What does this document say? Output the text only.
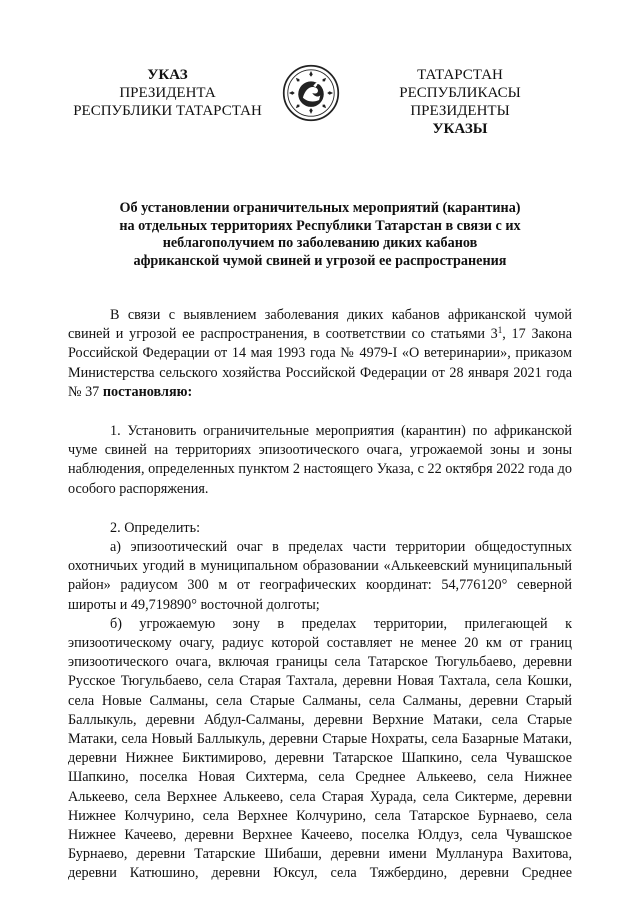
УКАЗ
ПРЕЗИДЕНТА
РЕСПУБЛИКИ ТАТАРСТАН
ТАТАРСТАН РЕСПУБЛИКАСЫ
ПРЕЗИДЕНТЫ
УКАЗЫ
Об установлении ограничительных мероприятий (карантина)
на отдельных территориях Республики Татарстан в связи с их
неблагополучием по заболеванию диких кабанов
африканской чумой свиней и угрозой ее распространения

В связи с выявлением заболевания диких кабанов африканской чумой свиней и угрозой ее распространения, в соответствии со статьями $3^1$, 17 Закона Российской Федерации от 14 мая 1993 года № 4979-I «О ветеринарии», приказом Министерства сельского хозяйства Российской Федерации от 28 января 2021 года № 37 постановляю:

1. Установить ограничительные мероприятия (карантин) по африканской чуме свиней на территориях эпизоотического очага, угрожаемой зоны и зоны наблюдения, определенных пунктом 2 настоящего Указа, с 22 октября 2022 года до особого распоряжения.

2. Определить:

а) эпизоотический очаг в пределах части территории общедоступных охотничьих угодий в муниципальном образовании «Алькеевский муниципальный район» радиусом 300 м от географических координат: 54,776120° северной широты и 49,719890° восточной долготы;

б) угрожаемую зону в пределах территории, прилегающей к эпизоотическому очагу, радиус которой составляет не менее 20 км от границ эпизоотического очага, включая границы села Татарское Тюгульбаево, деревни Русское Тюгульбаево, села Старая Тахтала, деревни Новая Тахтала, села Кошки, села Новые Салманы, села Старые Салманы, села Салманы, деревни Старый Баллыкуль, деревни Абдул-Салманы, деревни Верхние Матаки, села Старые Матаки, села Новый Баллыкуль, деревни Старые Нохраты, села Базарные Матаки, деревни Нижнее Биктимирово, деревни Татарское Шапкино, села Чувашское Шапкино, поселка Новая Сихтерма, села Среднее Алькеево, села Нижнее Алькеево, села Верхнее Алькеево, села Старая Хурада, села Сиктерме, деревни Нижнее Колчурино, села Верхнее Колчурино, села Татарское Бурнаево, села Нижнее Качеево, деревни Верхнее Качеево, поселка Юлдуз, села Чувашское Бурнаево, деревни Татарские Шибаши, деревни имени Мулланура Вахитова, деревни Катюшино, деревни Юксул, села Тяжбердино, деревни Среднее
